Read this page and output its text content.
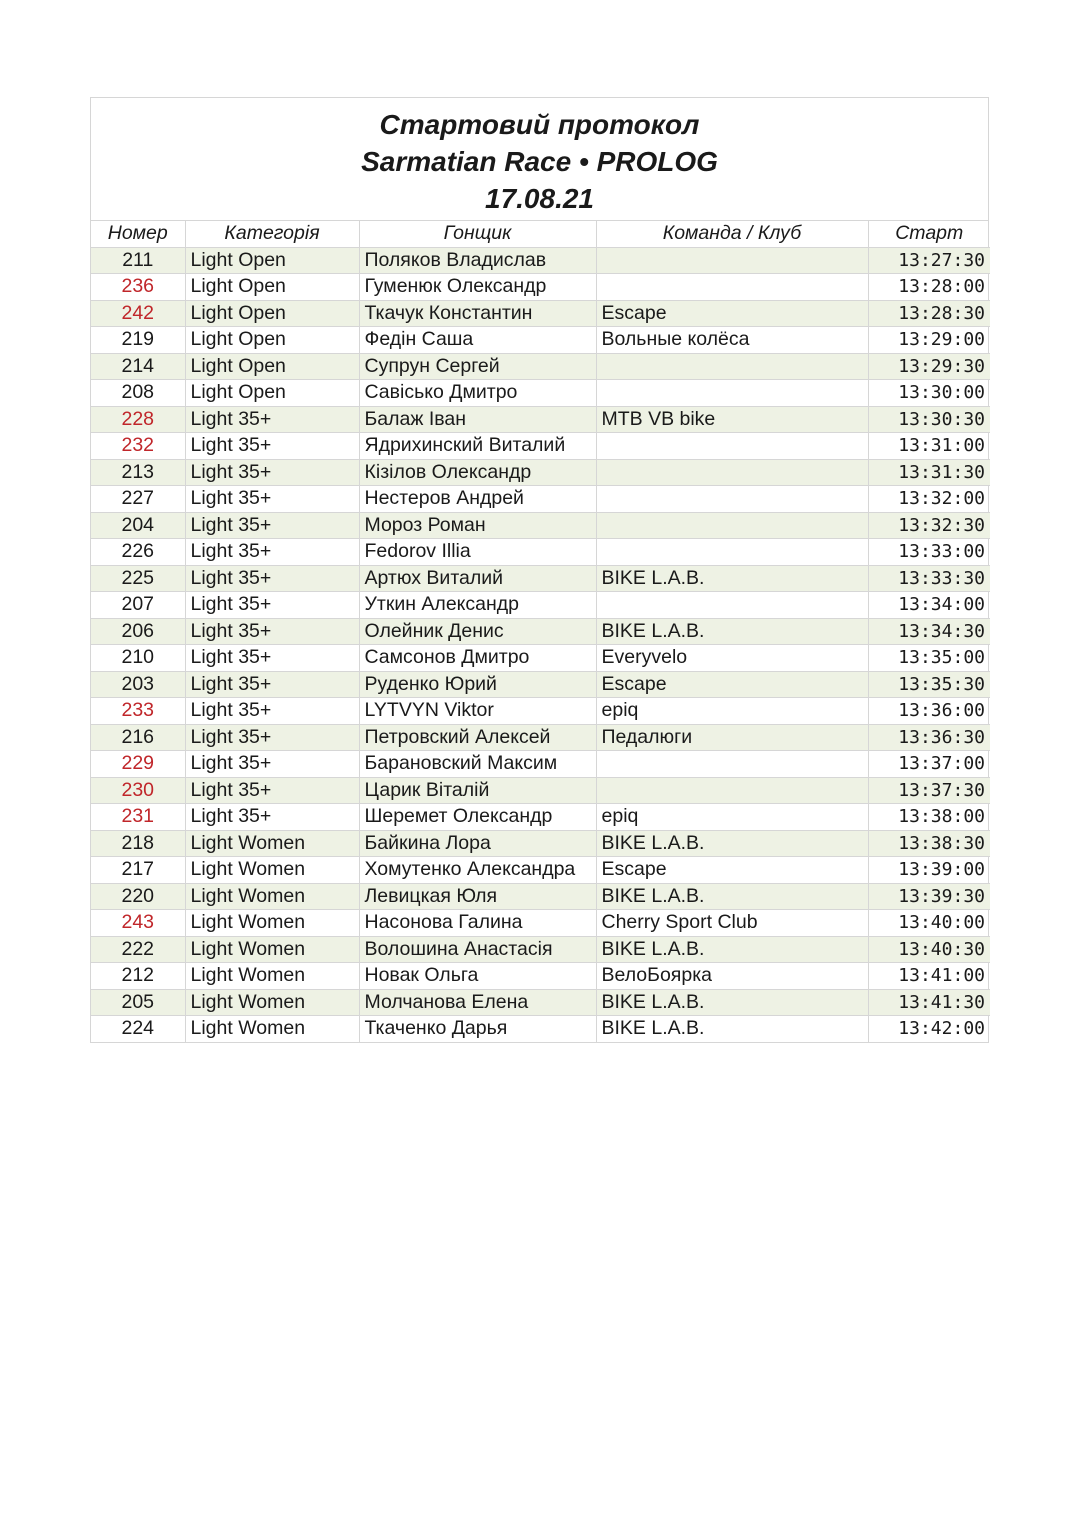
Стартовий протокол
Sarmatian Race • PROLOG
17.08.21
Номер	Категорія	Гонщик	Команда / Клуб	Старт
211	Light Open	Поляков Владислав		13:27:30
236	Light Open	Гуменюк Олександр		13:28:00
242	Light Open	Ткачук Константин	Escape	13:28:30
219	Light Open	Федін Саша	Вольные колёса	13:29:00
214	Light Open	Супрун Сергей		13:29:30
208	Light Open	Савісько Дмитро		13:30:00
228	Light 35+	Балаж Іван	MTB VB bike	13:30:30
232	Light 35+	Ядрихинский Виталий		13:31:00
213	Light 35+	Кізілов Олександр		13:31:30
227	Light 35+	Нестеров Андрей		13:32:00
204	Light 35+	Мороз Роман		13:32:30
226	Light 35+	Fedorov Illia		13:33:00
225	Light 35+	Артюх Виталий	BIKE L.A.B.	13:33:30
207	Light 35+	Уткин Александр		13:34:00
206	Light 35+	Олейник Денис	BIKE L.A.B.	13:34:30
210	Light 35+	Самсонов Дмитро	Everyvelo	13:35:00
203	Light 35+	Руденко Юрий	Escape	13:35:30
233	Light 35+	LYTVYN Viktor	epiq	13:36:00
216	Light 35+	Петровский Алексей	Педалюги	13:36:30
229	Light 35+	Барановский Максим		13:37:00
230	Light 35+	Царик Віталій		13:37:30
231	Light 35+	Шеремет Олександр	epiq	13:38:00
218	Light Women	Байкина Лора	BIKE L.A.B.	13:38:30
217	Light Women	Хомутенко Александра	Escape	13:39:00
220	Light Women	Левицкая Юля	BIKE L.A.B.	13:39:30
243	Light Women	Насонова Галина	Cherry Sport Club	13:40:00
222	Light Women	Волошина Анастасія	BIKE L.A.B.	13:40:30
212	Light Women	Новак Ольга	ВелоБоярка	13:41:00
205	Light Women	Молчанова Елена	BIKE L.A.B.	13:41:30
224	Light Women	Ткаченко Дарья	BIKE L.A.B.	13:42:00
